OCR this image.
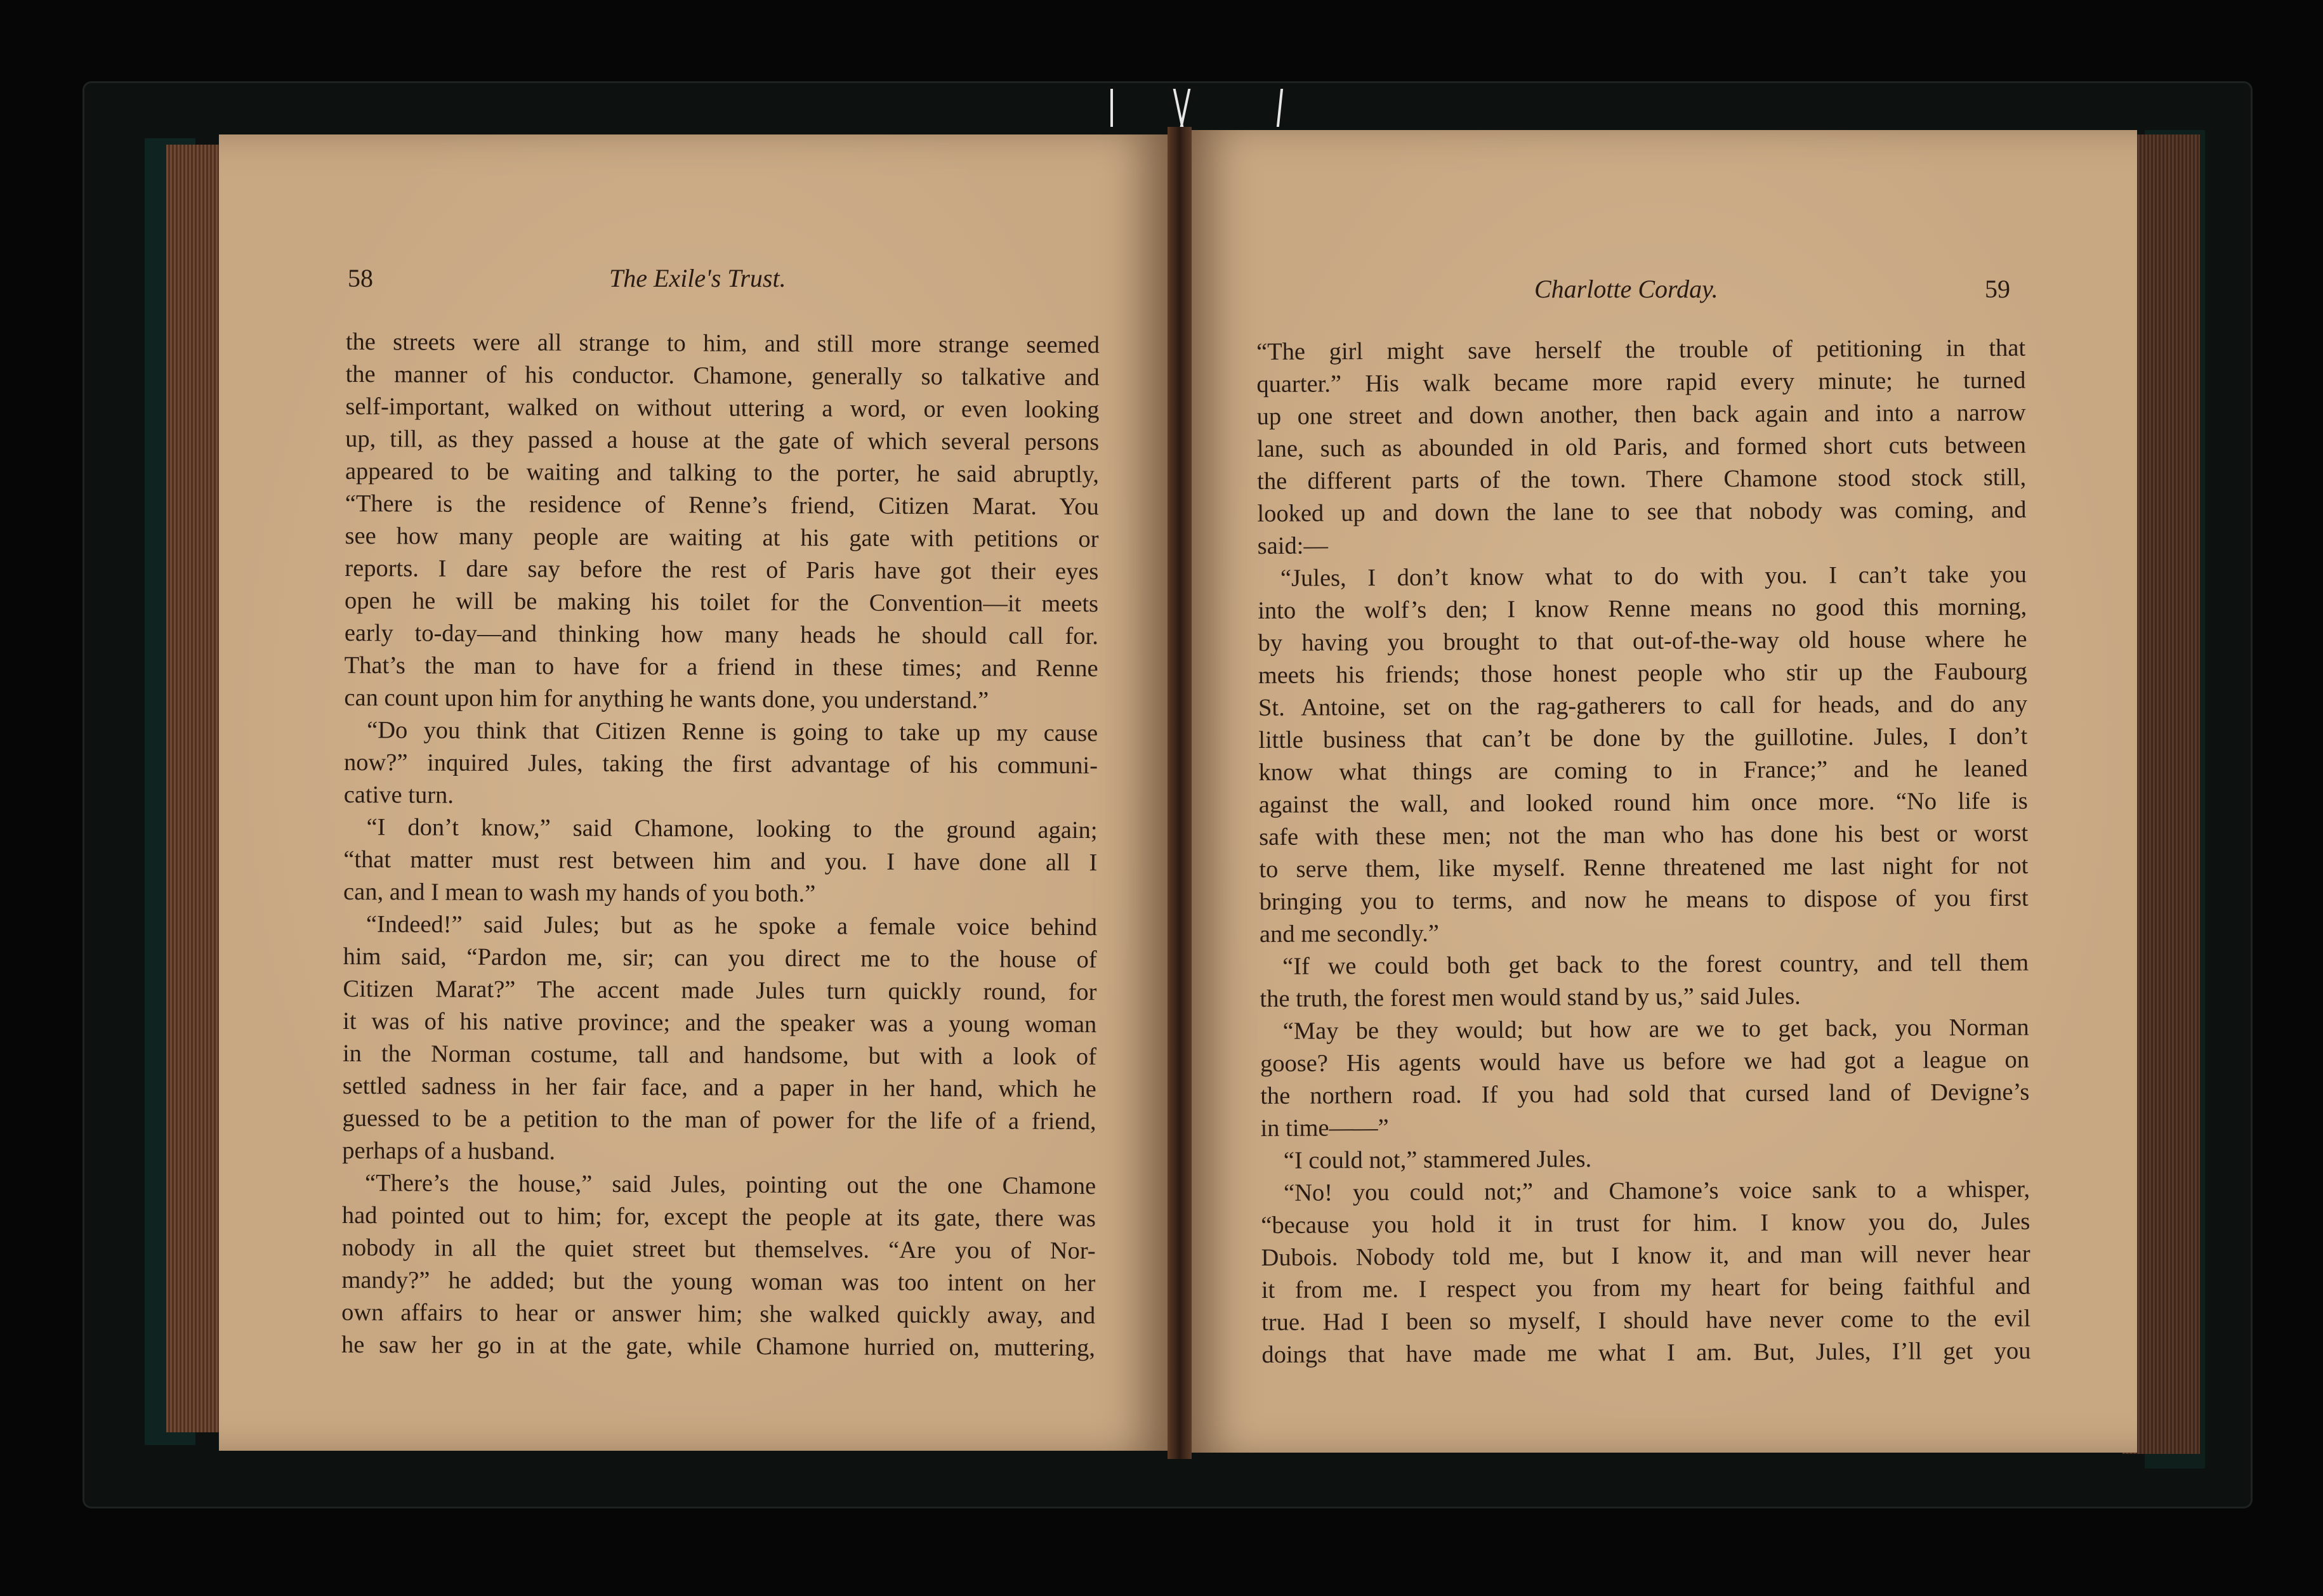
58	The Exile's Trust.	Charlotte Corday.	59
the streets were all strange to him, and still more strange seemed
the manner of his conductor. Chamone, generally so talkative and
self-important, walked on without uttering a word, or even looking
up, till, as they passed a house at the gate of which several persons
appeared to be waiting and talking to the porter, he said abruptly,
“There is the residence of Renne’s friend, Citizen Marat. You
see how many people are waiting at his gate with petitions or
reports. I dare say before the rest of Paris have got their eyes
open he will be making his toilet for the Convention—it meets
early to-day—and thinking how many heads he should call for.
That’s the man to have for a friend in these times; and Renne
can count upon him for anything he wants done, you understand.”
“Do you think that Citizen Renne is going to take up my cause
now?” inquired Jules, taking the first advantage of his communi-
cative turn.
“I don’t know,” said Chamone, looking to the ground again;
“that matter must rest between him and you. I have done all I
can, and I mean to wash my hands of you both.”
“Indeed!” said Jules; but as he spoke a female voice behind
him said, “Pardon me, sir; can you direct me to the house of
Citizen Marat?” The accent made Jules turn quickly round, for
it was of his native province; and the speaker was a young woman
in the Norman costume, tall and handsome, but with a look of
settled sadness in her fair face, and a paper in her hand, which he
guessed to be a petition to the man of power for the life of a friend,
perhaps of a husband.
“There’s the house,” said Jules, pointing out the one Chamone
had pointed out to him; for, except the people at its gate, there was
nobody in all the quiet street but themselves. “Are you of Nor-
mandy?” he added; but the young woman was too intent on her
own affairs to hear or answer him; she walked quickly away, and
he saw her go in at the gate, while Chamone hurried on, muttering,
“The girl might save herself the trouble of petitioning in that
quarter.” His walk became more rapid every minute; he turned
up one street and down another, then back again and into a narrow
lane, such as abounded in old Paris, and formed short cuts between
the different parts of the town. There Chamone stood stock still,
looked up and down the lane to see that nobody was coming, and
said:—
“Jules, I don’t know what to do with you. I can’t take you
into the wolf’s den; I know Renne means no good this morning,
by having you brought to that out-of-the-way old house where he
meets his friends; those honest people who stir up the Faubourg
St. Antoine, set on the rag-gatherers to call for heads, and do any
little business that can’t be done by the guillotine. Jules, I don’t
know what things are coming to in France;” and he leaned
against the wall, and looked round him once more. “No life is
safe with these men; not the man who has done his best or worst
to serve them, like myself. Renne threatened me last night for not
bringing you to terms, and now he means to dispose of you first
and me secondly.”
“If we could both get back to the forest country, and tell them
the truth, the forest men would stand by us,” said Jules.
“May be they would; but how are we to get back, you Norman
goose? His agents would have us before we had got a league on
the northern road. If you had sold that cursed land of Devigne’s
in time——”
“I could not,” stammered Jules.
“No! you could not;” and Chamone’s voice sank to a whisper,
“because you hold it in trust for him. I know you do, Jules
Dubois. Nobody told me, but I know it, and man will never hear
it from me. I respect you from my heart for being faithful and
true. Had I been so myself, I should have never come to the evil
doings that have made me what I am. But, Jules, I’ll get you
